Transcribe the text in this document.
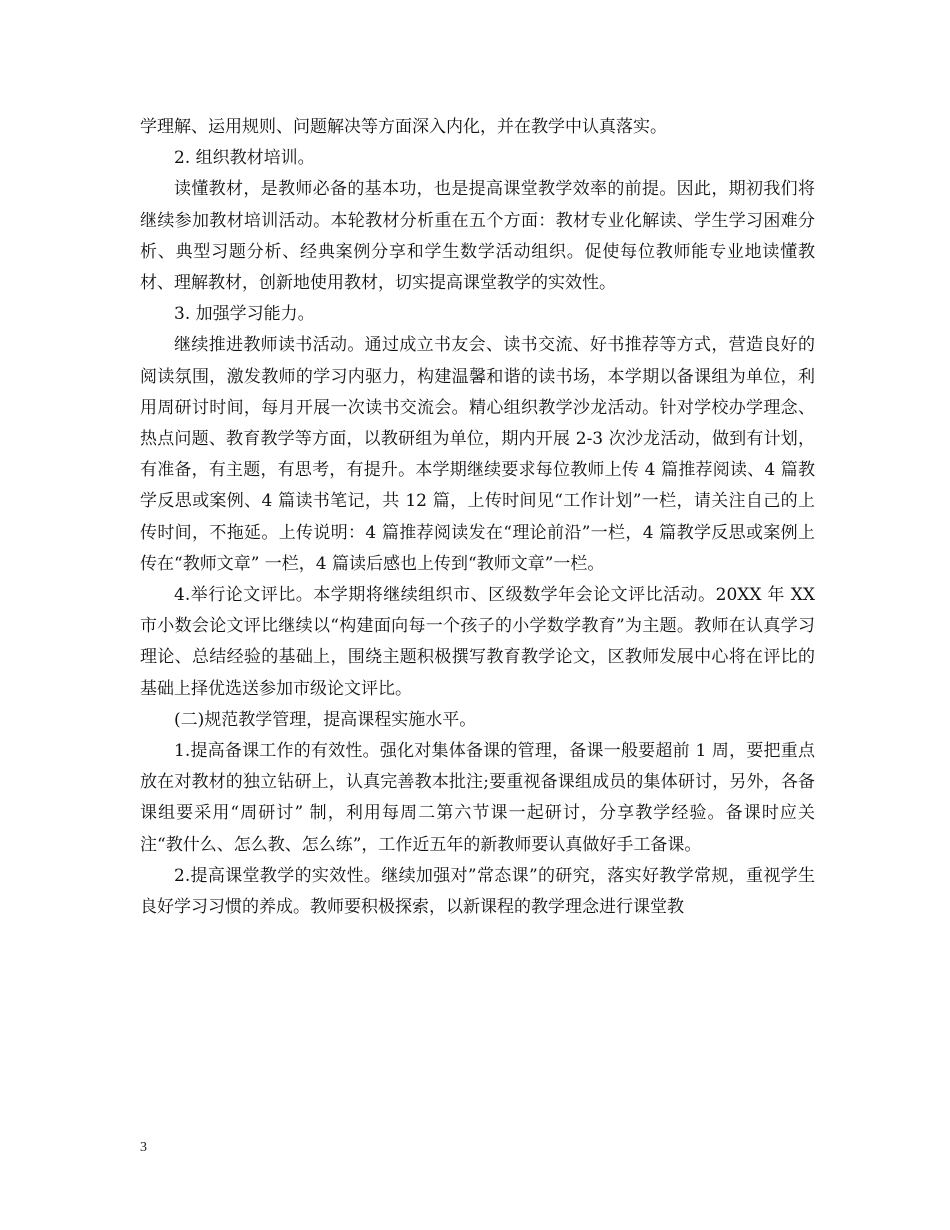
学理解、运用规则、问题解决等方面深入内化，并在教学中认真落实。

2. 组织教材培训。

读懂教材，是教师必备的基本功，也是提高课堂教学效率的前提。因此，期初我们将继续参加教材培训活动。本轮教材分析重在五个方面：教材专业化解读、学生学习困难分析、典型习题分析、经典案例分享和学生数学活动组织。促使每位教师能专业地读懂教材、理解教材，创新地使用教材，切实提高课堂教学的实效性。

3. 加强学习能力。

继续推进教师读书活动。通过成立书友会、读书交流、好书推荐等方式，营造良好的阅读氛围，激发教师的学习内驱力，构建温馨和谐的读书场，本学期以备课组为单位，利用周研讨时间，每月开展一次读书交流会。精心组织教学沙龙活动。针对学校办学理念、热点问题、教育教学等方面，以教研组为单位，期内开展 2-3 次沙龙活动，做到有计划，有准备，有主题，有思考，有提升。本学期继续要求每位教师上传 4 篇推荐阅读、4 篇教学反思或案例、4 篇读书笔记，共 12 篇，上传时间见“工作计划”一栏，请关注自己的上传时间，不拖延。上传说明：4 篇推荐阅读发在“理论前沿”一栏，4 篇教学反思或案例上传在“教师文章” 一栏，4 篇读后感也上传到“教师文章”一栏。

4.举行论文评比。本学期将继续组织市、区级数学年会论文评比活动。20XX 年 XX 市小数会论文评比继续以“构建面向每一个孩子的小学数学教育”为主题。教师在认真学习理论、总结经验的基础上，围绕主题积极撰写教育教学论文，区教师发展中心将在评比的基础上择优选送参加市级论文评比。

(二)规范教学管理，提高课程实施水平。

1.提高备课工作的有效性。强化对集体备课的管理，备课一般要超前 1 周，要把重点放在对教材的独立钻研上，认真完善教本批注;要重视备课组成员的集体研讨，另外，各备课组要采用“周研讨” 制，利用每周二第六节课一起研讨，分享教学经验。备课时应关注“教什么、怎么教、怎么练”，工作近五年的新教师要认真做好手工备课。

2.提高课堂教学的实效性。继续加强对”常态课”的研究，落实好教学常规，重视学生良好学习习惯的养成。教师要积极探索，以新课程的教学理念进行课堂教

3
